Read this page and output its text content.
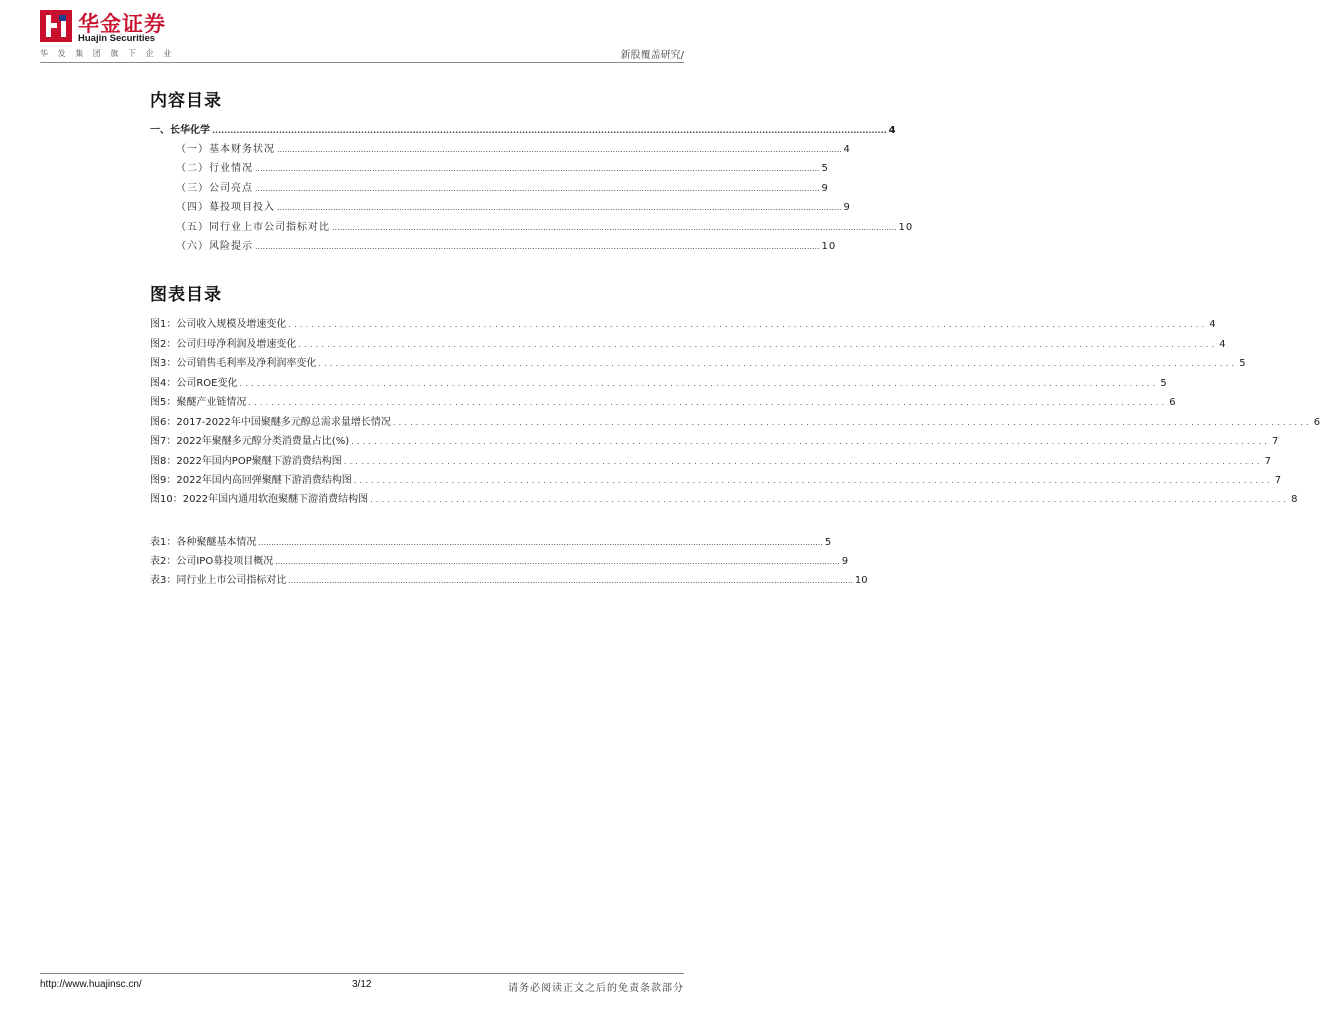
华金证券
Huajin Securities
华发集团旗下企业	新股覆盖研究/
内容目录
一、长华化学 .............................................................................................................................................................................................................................. 4
（一）基本财务状况 .............................................................................................................................................................................................................................. 4
（二）行业情况 .............................................................................................................................................................................................................................. 5
（三）公司亮点 .............................................................................................................................................................................................................................. 9
（四）募投项目投入 .............................................................................................................................................................................................................................. 9
（五）同行业上市公司指标对比 .............................................................................................................................................................................................................................. 10
（六）风险提示 .............................................................................................................................................................................................................................. 10
图表目录
图1：公司收入规模及增速变化 ................................................................................................................................................................ 4
图2：公司归母净利润及增速变化 ................................................................................................................................................................ 4
图3：公司销售毛利率及净利润率变化 ................................................................................................................................................................ 5
图4：公司ROE变化 ................................................................................................................................................................ 5
图5：聚醚产业链情况 ................................................................................................................................................................ 6
图6：2017-2022年中国聚醚多元醇总需求量增长情况 ................................................................................................................................................................ 6
图7：2022年聚醚多元醇分类消费量占比(%) ................................................................................................................................................................ 7
图8：2022年国内POP聚醚下游消费结构图 ................................................................................................................................................................ 7
图9：2022年国内高回弹聚醚下游消费结构图 ................................................................................................................................................................ 7
图10：2022年国内通用软泡聚醚下游消费结构图 ................................................................................................................................................................ 8
表1：各种聚醚基本情况 .............................................................................................................................................................................................................................. 5
表2：公司IPO募投项目概况 .............................................................................................................................................................................................................................. 9
表3：同行业上市公司指标对比 .............................................................................................................................................................................................................................. 10
http://www.huajinsc.cn/	3/12	请务必阅读正文之后的免责条款部分
